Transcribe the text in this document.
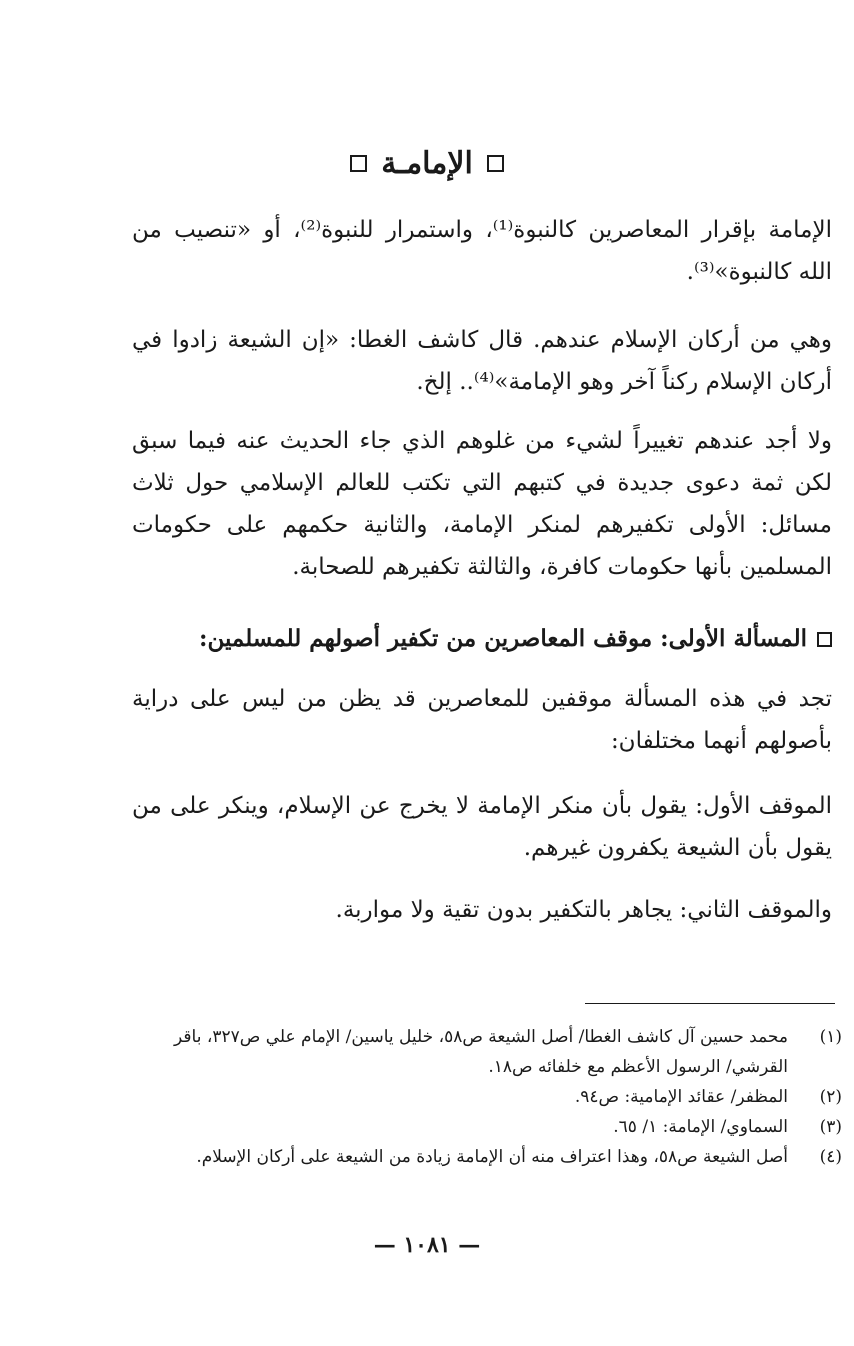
الإمامـة
الإمامة بإقرار المعاصرين كالنبوة⁽¹⁾، واستمرار للنبوة⁽²⁾، أو «تنصيب من الله كالنبوة»⁽³⁾.
وهي من أركان الإسلام عندهم. قال كاشف الغطا: «إن الشيعة زادوا في أركان الإسلام ركناً آخر وهو الإمامة»⁽⁴⁾.. إلخ.
ولا أجد عندهم تغييراً لشيء من غلوهم الذي جاء الحديث عنه فيما سبق لكن ثمة دعوى جديدة في كتبهم التي تكتب للعالم الإسلامي حول ثلاث مسائل: الأولى تكفيرهم لمنكر الإمامة، والثانية حكمهم على حكومات المسلمين بأنها حكومات كافرة، والثالثة تكفيرهم للصحابة.
المسألة الأولى: موقف المعاصرين من تكفير أصولهم للمسلمين:
تجد في هذه المسألة موقفين للمعاصرين قد يظن من ليس على دراية بأصولهم أنهما مختلفان:
الموقف الأول: يقول بأن منكر الإمامة لا يخرج عن الإسلام، وينكر على من يقول بأن الشيعة يكفرون غيرهم.
والموقف الثاني: يجاهر بالتكفير بدون تقية ولا مواربة.
(١)
محمد حسين آل كاشف الغطا/ أصل الشيعة ص٥٨، خليل ياسين/ الإمام علي ص٣٢٧، باقر القرشي/ الرسول الأعظم مع خلفائه ص١٨.
(٢)
المظفر/ عقائد الإمامية: ص٩٤.
(٣)
السماوي/ الإمامة: ١/ ٦٥.
(٤)
أصل الشيعة ص٥٨، وهذا اعتراف منه أن الإمامة زيادة من الشيعة على أركان الإسلام.
— ١٠٨١ —
